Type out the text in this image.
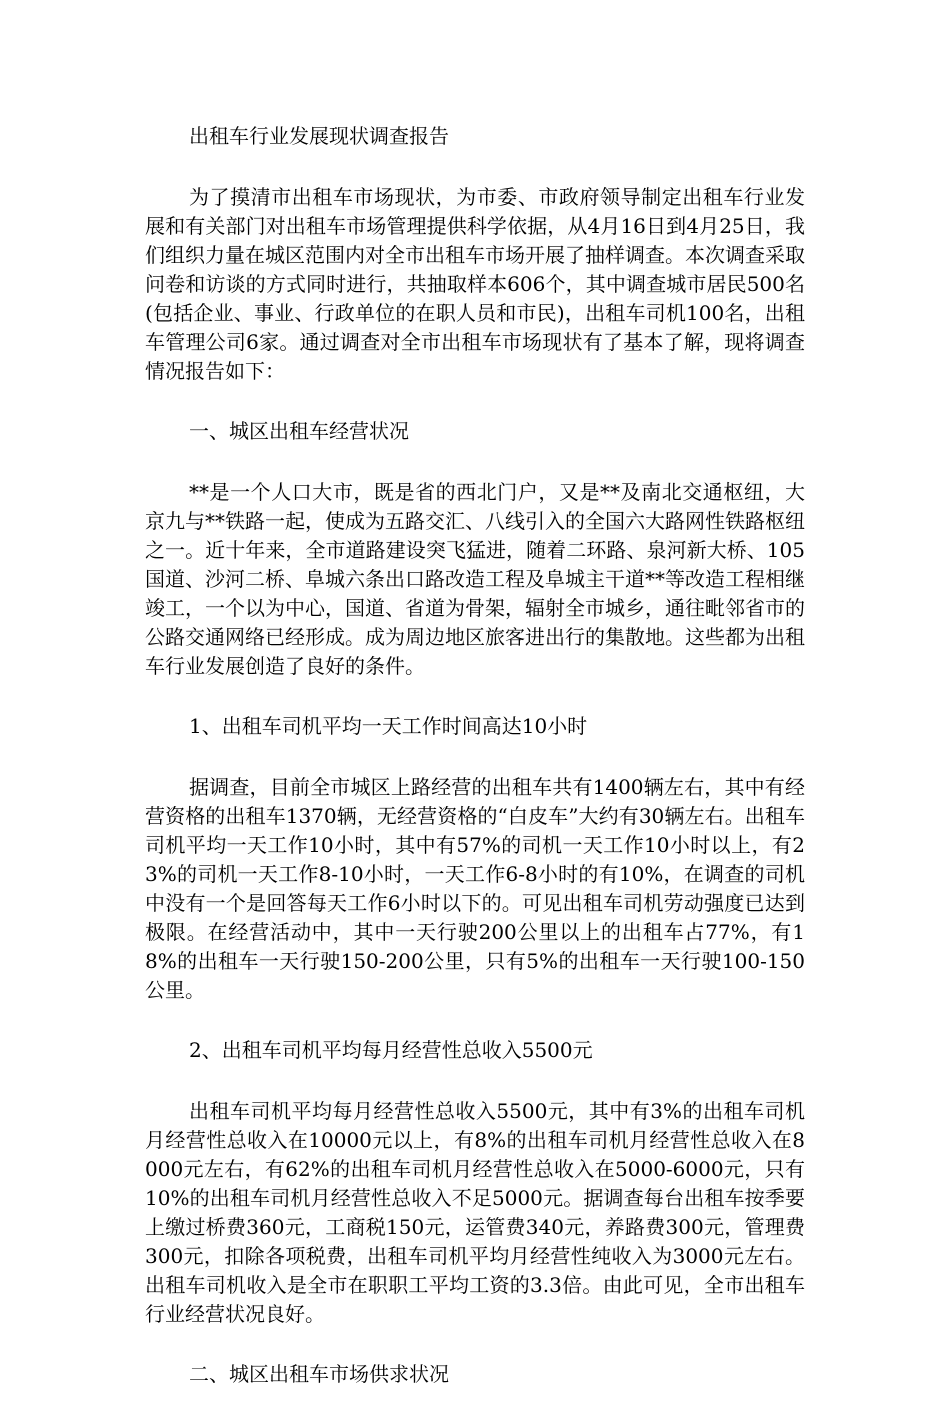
出租车行业发展现状调查报告

为了摸清市出租车市场现状，为市委、市政府领导制定出租车行业发展和有关部门对出租车市场管理提供科学依据，从4月16日到4月25日，我们组织力量在城区范围内对全市出租车市场开展了抽样调查。本次调查采取问卷和访谈的方式同时进行，共抽取样本606个，其中调查城市居民500名(包括企业、事业、行政单位的在职人员和市民)，出租车司机100名，出租车管理公司6家。通过调查对全市出租车市场现状有了基本了解，现将调查情况报告如下：

一、城区出租车经营状况

**是一个人口大市，既是省的西北门户，又是**及南北交通枢纽，大京九与**铁路一起，使成为五路交汇、八线引入的全国六大路网性铁路枢纽之一。近十年来，全市道路建设突飞猛进，随着二环路、泉河新大桥、105国道、沙河二桥、阜城六条出口路改造工程及阜城主干道**等改造工程相继竣工，一个以为中心，国道、省道为骨架，辐射全市城乡，通往毗邻省市的公路交通网络已经形成。成为周边地区旅客进出行的集散地。这些都为出租车行业发展创造了良好的条件。

1、出租车司机平均一天工作时间高达10小时

据调查，目前全市城区上路经营的出租车共有1400辆左右，其中有经营资格的出租车1370辆，无经营资格的“白皮车”大约有30辆左右。出租车司机平均一天工作10小时，其中有57%的司机一天工作10小时以上，有23%的司机一天工作8-10小时，一天工作6-8小时的有10%，在调查的司机中没有一个是回答每天工作6小时以下的。可见出租车司机劳动强度已达到极限。在经营活动中，其中一天行驶200公里以上的出租车占77%，有18%的出租车一天行驶150-200公里，只有5%的出租车一天行驶100-150公里。

2、出租车司机平均每月经营性总收入5500元

出租车司机平均每月经营性总收入5500元，其中有3%的出租车司机月经营性总收入在10000元以上，有8%的出租车司机月经营性总收入在8000元左右，有62%的出租车司机月经营性总收入在5000-6000元，只有10%的出租车司机月经营性总收入不足5000元。据调查每台出租车按季要上缴过桥费360元，工商税150元，运管费340元，养路费300元，管理费300元，扣除各项税费，出租车司机平均月经营性纯收入为3000元左右。出租车司机收入是全市在职职工平均工资的3.3倍。由此可见，全市出租车行业经营状况良好。

二、城区出租车市场供求状况
